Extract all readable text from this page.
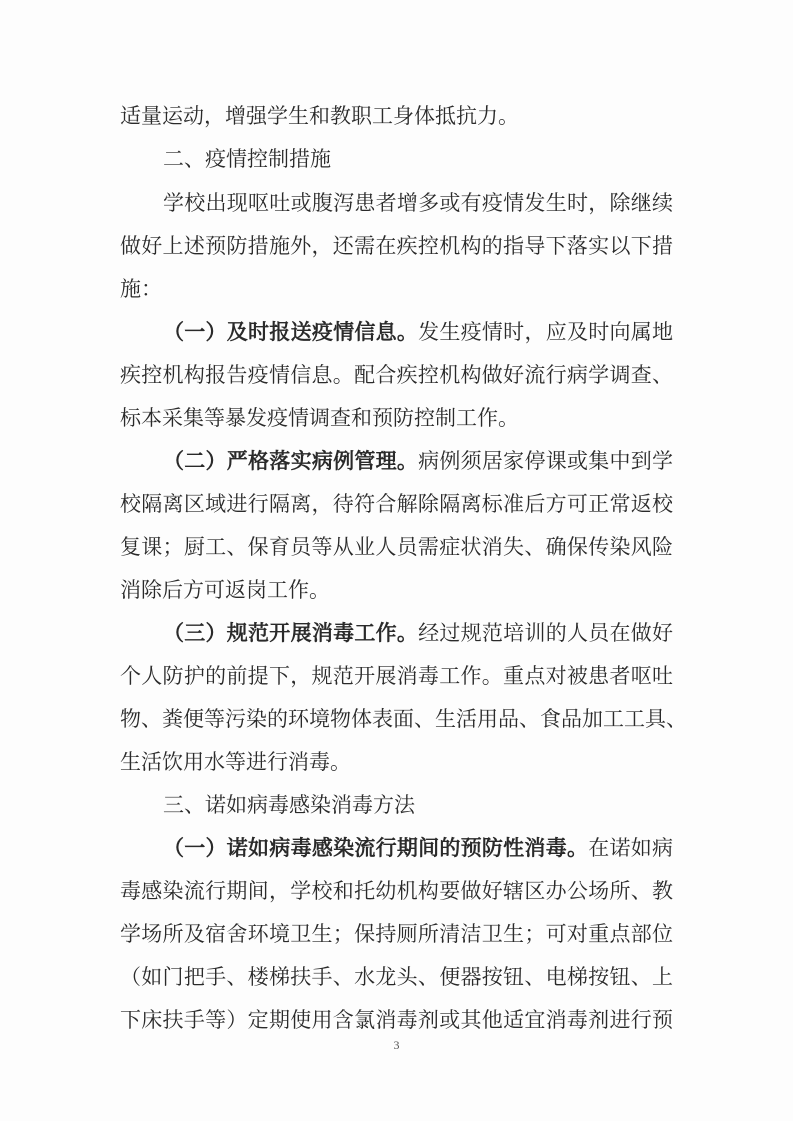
适量运动，增强学生和教职工身体抵抗力。
二、疫情控制措施
学校出现呕吐或腹泻患者增多或有疫情发生时，除继续
做好上述预防措施外，还需在疾控机构的指导下落实以下措
施：
（一）及时报送疫情信息。发生疫情时，应及时向属地
疾控机构报告疫情信息。配合疾控机构做好流行病学调查、
标本采集等暴发疫情调查和预防控制工作。
（二）严格落实病例管理。病例须居家停课或集中到学
校隔离区域进行隔离，待符合解除隔离标准后方可正常返校
复课；厨工、保育员等从业人员需症状消失、确保传染风险
消除后方可返岗工作。
（三）规范开展消毒工作。经过规范培训的人员在做好
个人防护的前提下，规范开展消毒工作。重点对被患者呕吐
物、粪便等污染的环境物体表面、生活用品、食品加工工具、
生活饮用水等进行消毒。
三、诺如病毒感染消毒方法
（一）诺如病毒感染流行期间的预防性消毒。在诺如病
毒感染流行期间，学校和托幼机构要做好辖区办公场所、教
学场所及宿舍环境卫生；保持厕所清洁卫生；可对重点部位
（如门把手、楼梯扶手、水龙头、便器按钮、电梯按钮、上
下床扶手等）定期使用含氯消毒剂或其他适宜消毒剂进行预
3
